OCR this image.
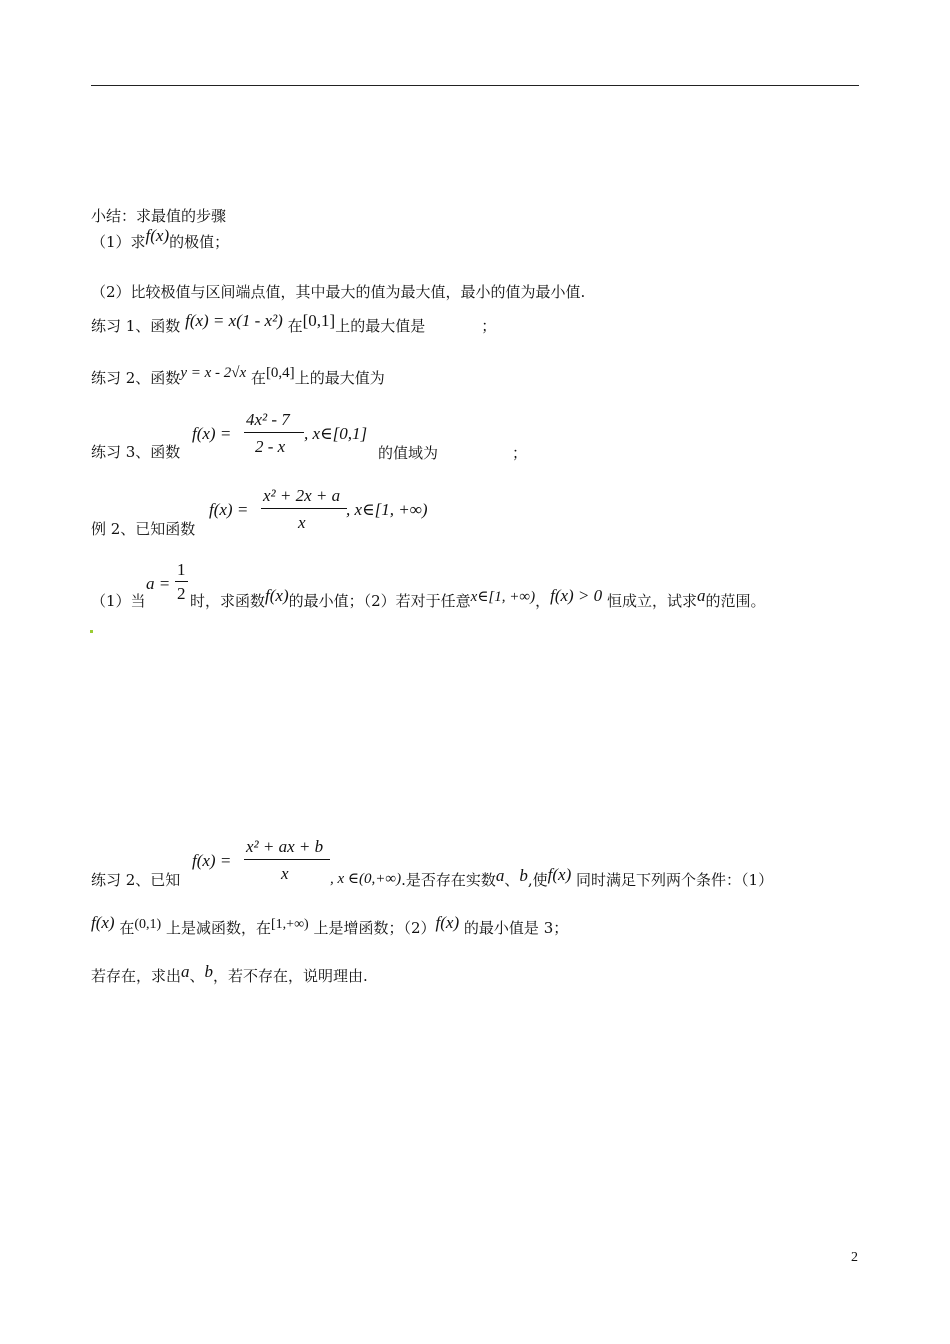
小结：求最值的步骤
（1）求f(x)的极值；
（2）比较极值与区间端点值，其中最大的值为最大值，最小的值为最小值.
练习 1、函数 f(x) = x(1 - x²) 在[0,1]上的最大值是	；
练习 2、函数y = x - 2√x 在[0,4]上的最大值为
练习 3、函数
f(x) =
4x² - 7
2 - x
, x∈[0,1]
的值域为	；
例 2、已知函数
f(x) =
x² + 2x + a
x
, x∈[1, +∞)
（1）当
a =
1
2 时，求函数f(x)的最小值；（2）若对于任意x∈[1, +∞)，f(x) > 0 恒成立，试求a的范围。
练习 2、已知
f(x) =
x² + ax + b
x	, x ∈(0,+∞).是否存在实数a、b,使f(x) 同时满足下列两个条件：（1）
f(x) 在(0,1) 上是减函数，在[1,+∞) 上是增函数；（2）f(x) 的最小值是 3；
若存在，求出a、b，若不存在，说明理由.
2
